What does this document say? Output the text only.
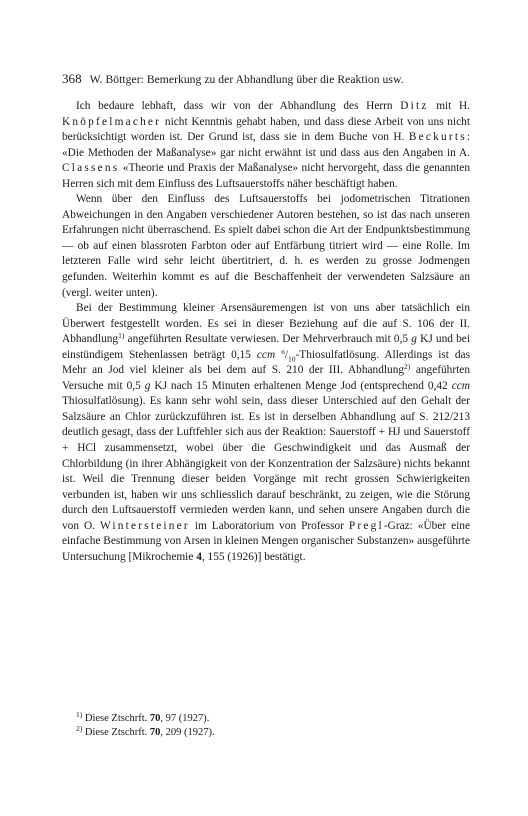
368 W. Böttger: Bemerkung zu der Abhandlung über die Reaktion usw.

Ich bedaure lebhaft, dass wir von der Abhandlung des Herrn Ditz mit H. Knöpfelmacher nicht Kenntnis gehabt haben, und dass diese Arbeit von uns nicht berücksichtigt worden ist. Der Grund ist, dass sie in dem Buche von H. Beckurts: «Die Methoden der Maßanalyse» gar nicht erwähnt ist und dass aus den Angaben in A. Classens «Theorie und Praxis der Maßanalyse» nicht hervorgeht, dass die genannten Herren sich mit dem Einfluss des Luftsauerstoffs näher beschäftigt haben.

Wenn über den Einfluss des Luftsauerstoffs bei jodometrischen Titrationen Abweichungen in den Angaben verschiedener Autoren bestehen, so ist das nach unseren Erfahrungen nicht überraschend. Es spielt dabei schon die Art der Endpunktsbestimmung — ob auf einen blassroten Farbton oder auf Entfärbung titriert wird — eine Rolle. Im letzteren Falle wird sehr leicht übertitriert, d. h. es werden zu grosse Jodmengen gefunden. Weiterhin kommt es auf die Beschaffenheit der verwendeten Salzsäure an (vergl. weiter unten).

Bei der Bestimmung kleiner Arsensäuremengen ist von uns aber tatsächlich ein Überwert festgestellt worden. Es sei in dieser Beziehung auf die auf S. 106 der II. Abhandlung$^{1)}$ angeführten Resultate verwiesen. Der Mehrverbrauch mit 0,5 g KJ und bei einstündigem Stehenlassen beträgt 0,15 ccm $^n/_{10}$-Thiosulfatlösung. Allerdings ist das Mehr an Jod viel kleiner als bei dem auf S. 210 der III. Abhandlung$^{2)}$ angeführten Versuche mit 0,5 g KJ nach 15 Minuten erhaltenen Menge Jod (entsprechend 0,42 ccm Thiosulfatlösung). Es kann sehr wohl sein, dass dieser Unterschied auf den Gehalt der Salzsäure an Chlor zurückzuführen ist. Es ist in derselben Abhandlung auf S. 212/213 deutlich gesagt, dass der Luftfehler sich aus der Reaktion: Sauerstoff + HJ und Sauerstoff + HCl zusammensetzt, wobei über die Geschwindigkeit und das Ausmaß der Chlorbildung (in ihrer Abhängigkeit von der Konzentration der Salzsäure) nichts bekannt ist. Weil die Trennung dieser beiden Vorgänge mit recht grossen Schwierigkeiten verbunden ist, haben wir uns schliesslich darauf beschränkt, zu zeigen, wie die Störung durch den Luftsauerstoff vermieden werden kann, und sehen unsere Angaben durch die von O. Wintersteiner im Laboratorium von Professor Pregl-Graz: «Über eine einfache Bestimmung von Arsen in kleinen Mengen organischer Substanzen» ausgeführte Untersuchung [Mikrochemie 4, 155 (1926)] bestätigt.

$^{1)}$ Diese Ztschrft. 70, 97 (1927).
$^{2)}$ Diese Ztschrft. 70, 209 (1927).
